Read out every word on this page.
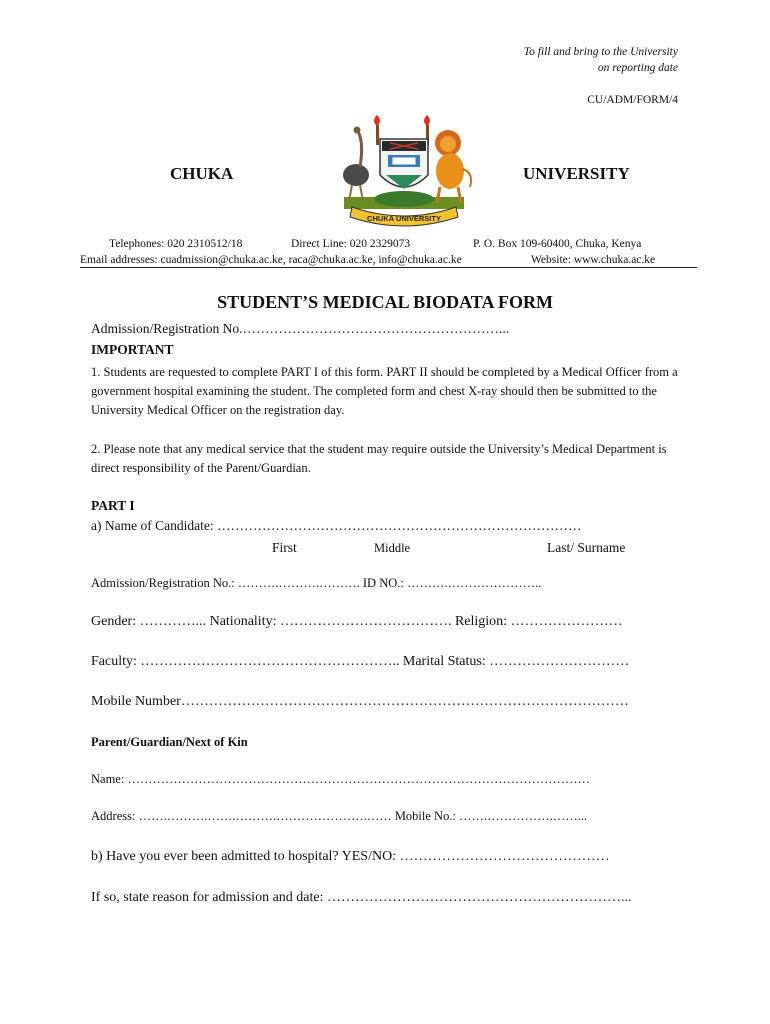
To fill and bring to the University
on reporting date
CU/ADM/FORM/4
CHUKA	UNIVERSITY
CHUKA UNIVERSITY
Telephones: 020 2310512/18	Direct Line: 020 2329073	P. O. Box 109-60400, Chuka, Kenya
Email addresses: cuadmission@chuka.ac.ke, raca@chuka.ac.ke, info@chuka.ac.ke	Website: www.chuka.ac.ke
STUDENT’S MEDICAL BIODATA FORM
Admission/Registration No.…………………………………………………...
IMPORTANT
1. Students are requested to complete PART I of this form. PART II should be completed by a Medical Officer from a government hospital examining the student. The completed form and chest X-ray should then be submitted to the University Medical Officer on the registration day.
2. Please note that any medical service that the student may require outside the University’s Medical Department is direct responsibility of the Parent/Guardian.
PART I
a) Name of Candidate: ………………………………………………………………………
First	Middle	Last/ Surname
Admission/Registration No.: ……….……….………. ID NO.: ……….…………………..
Gender: …………... Nationality: ………………………………. Religion: ……………………
Faculty: ……………………………………………….. Marital Status: …………………………
Mobile Number……………………………………………………………………………………
Parent/Guardian/Next of Kin
Name: …………………………………………………………………………………………………
Address: …….……….…….……….………………….…… Mobile No.: …….…………….……...
b) Have you ever been admitted to hospital? YES/NO: ………………………………………
If so, state reason for admission and date: ………………………………………………………...
